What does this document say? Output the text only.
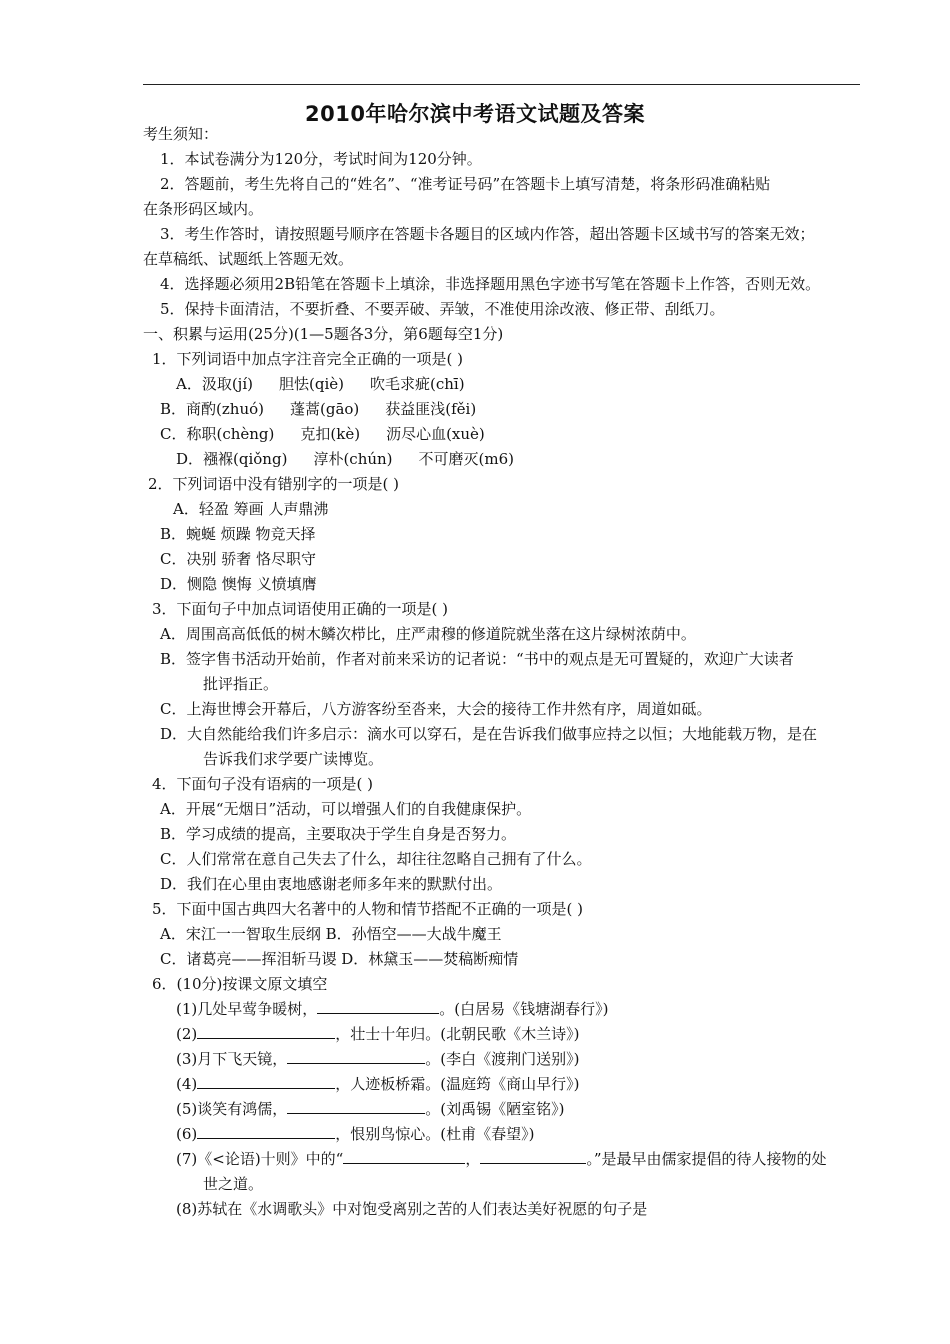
2010年哈尔滨中考语文试题及答案
考生须知：
1．本试卷满分为120分，考试时间为120分钟。
2．答题前，考生先将自己的“姓名”、“准考证号码”在答题卡上填写清楚，将条形码准确粘贴
在条形码区域内。
3．考生作答时，请按照题号顺序在答题卡各题目的区域内作答，超出答题卡区域书写的答案无效；
在草稿纸、试题纸上答题无效。
4．选择题必须用2B铅笔在答题卡上填涂，非选择题用黑色字迹书写笔在答题卡上作答，否则无效。
5．保持卡面清洁，不要折叠、不要弄破、弄皱，不准使用涂改液、修正带、刮纸刀。
一、积累与运用(25分)(1—5题各3分，第6题每空1分)
1．下列词语中加点字注音完全正确的一项是( )
A．汲取(jí) 胆怯(qiè) 吹毛求疵(chī)
B．商酌(zhuó) 蓬蒿(gāo) 获益匪浅(fěi)
C．称职(chèng) 克扣(kè) 沥尽心血(xuè)
D．襁褓(qiǒng) 淳朴(chún) 不可磨灭(m6)
2．下列词语中没有错别字的一项是( )
A．轻盈 筹画 人声鼎沸
B．蜿蜒 烦躁 物竞天择
C．决别 骄奢 恪尽职守
D．恻隐 懊悔 义愤填膺
3．下面句子中加点词语使用正确的一项是( )
A．周围高高低低的树木鳞次栉比，庄严肃穆的修道院就坐落在这片绿树浓荫中。
B．签字售书活动开始前，作者对前来采访的记者说：“书中的观点是无可置疑的，欢迎广大读者
批评指正。
C．上海世博会开幕后，八方游客纷至沓来，大会的接待工作井然有序，周道如砥。
D．大自然能给我们许多启示：滴水可以穿石，是在告诉我们做事应持之以恒；大地能载万物，是在
告诉我们求学要广读博览。
4．下面句子没有语病的一项是( )
A．开展“无烟日”活动，可以增强人们的自我健康保护。
B．学习成绩的提高，主要取决于学生自身是否努力。
C．人们常常在意自己失去了什么，却往往忽略自己拥有了什么。
D．我们在心里由衷地感谢老师多年来的默默付出。
5．下面中国古典四大名著中的人物和情节搭配不正确的一项是( )
A．宋江一一智取生辰纲 B．孙悟空——大战牛魔王
C．诸葛亮——挥泪斩马谡 D．林黛玉——焚稿断痴情
6．(10分)按课文原文填空
(1)几处早莺争暖树，	。(白居易《钱塘湖春行》)
(2)	，壮士十年归。(北朝民歌《木兰诗》)
(3)月下飞天镜，	。(李白《渡荆门送别》)
(4)	，人迹板桥霜。(温庭筠《商山早行》)
(5)谈笑有鸿儒，	。(刘禹锡《陋室铭》)
(6)	，恨别鸟惊心。(杜甫《春望》)
(7)《<论语)十则》中的“	，	。”是最早由儒家提倡的待人接物的处
世之道。
(8)苏轼在《水调歌头》中对饱受离别之苦的人们表达美好祝愿的句子是
